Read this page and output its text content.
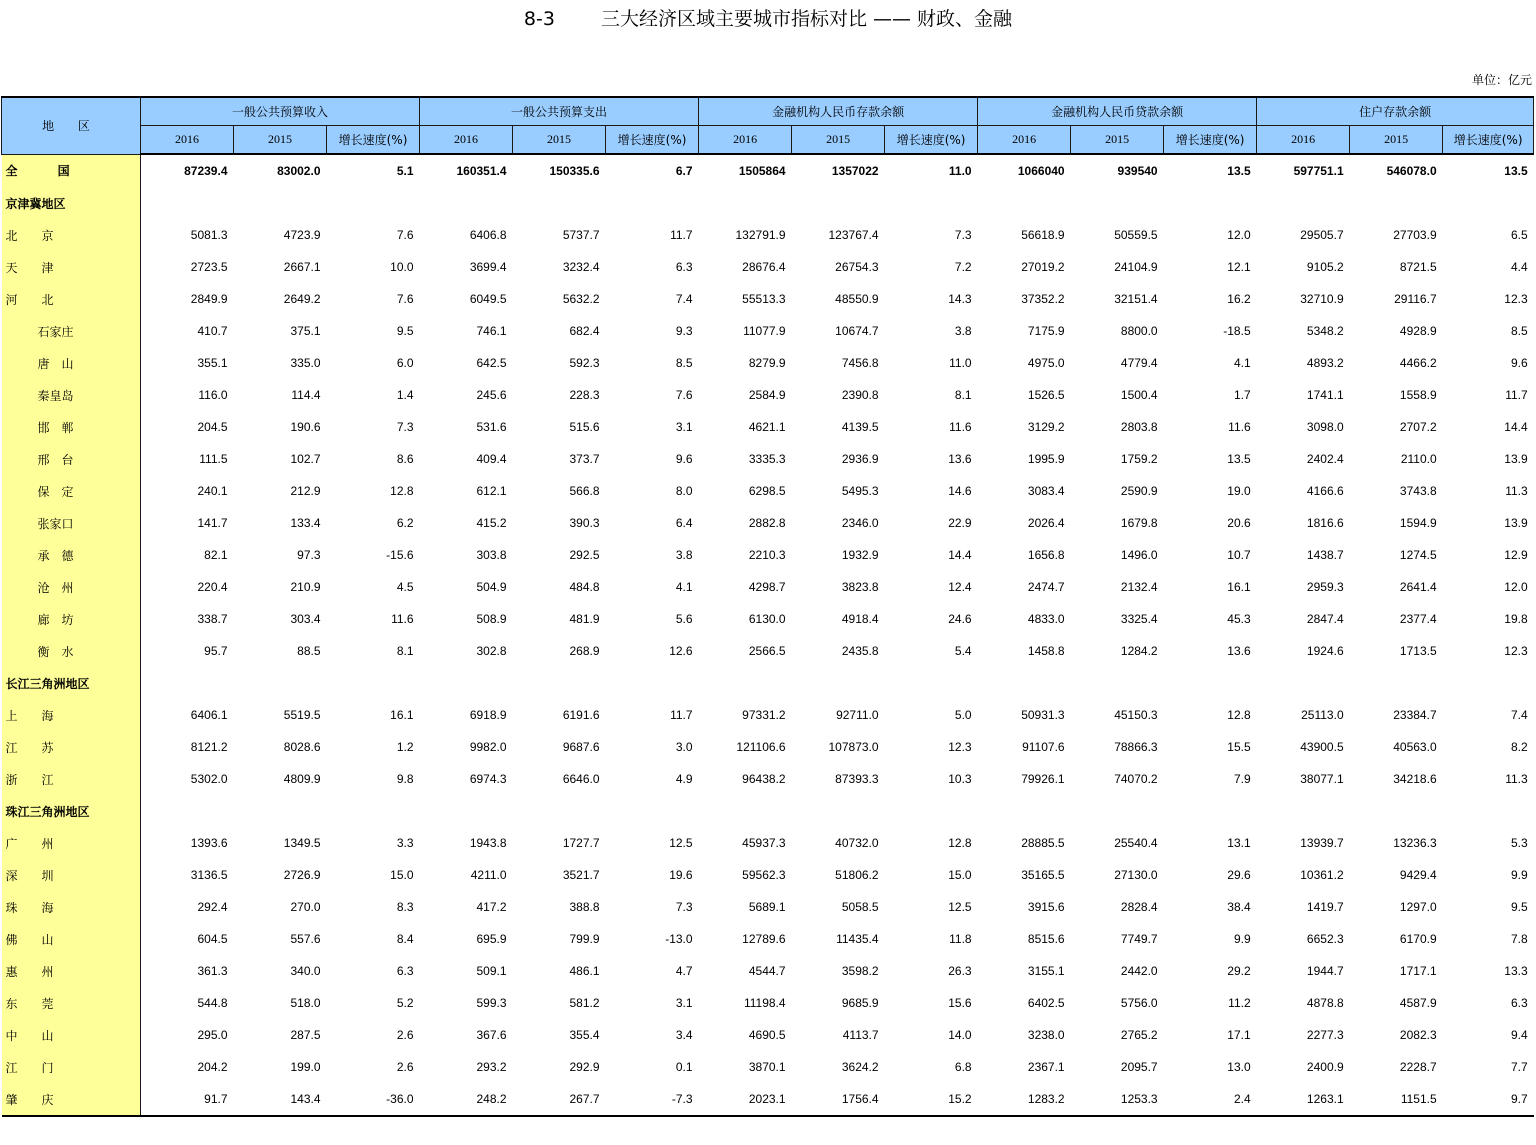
8-3 三大经济区域主要城市指标对比 —— 财政、金融
单位：亿元
地 区	一般公共预算收入			一般公共预算支出			金融机构人民币存款余额			金融机构人民币贷款余额			住户存款余额		
	2016	2015	增长速度(%)	2016	2015	增长速度(%)	2016	2015	增长速度(%)	2016	2015	增长速度(%)	2016	2015	增长速度(%)
全 国	87239.4	83002.0	5.1	160351.4	150335.6	6.7	1505864	1357022	11.0	1066040	939540	13.5	597751.1	546078.0	13.5
京津冀地区															
北　　京	5081.3	4723.9	7.6	6406.8	5737.7	11.7	132791.9	123767.4	7.3	56618.9	50559.5	12.0	29505.7	27703.9	6.5
天　　津	2723.5	2667.1	10.0	3699.4	3232.4	6.3	28676.4	26754.3	7.2	27019.2	24104.9	12.1	9105.2	8721.5	4.4
河　　北	2849.9	2649.2	7.6	6049.5	5632.2	7.4	55513.3	48550.9	14.3	37352.2	32151.4	16.2	32710.9	29116.7	12.3
石家庄	410.7	375.1	9.5	746.1	682.4	9.3	11077.9	10674.7	3.8	7175.9	8800.0	-18.5	5348.2	4928.9	8.5
唐　山	355.1	335.0	6.0	642.5	592.3	8.5	8279.9	7456.8	11.0	4975.0	4779.4	4.1	4893.2	4466.2	9.6
秦皇岛	116.0	114.4	1.4	245.6	228.3	7.6	2584.9	2390.8	8.1	1526.5	1500.4	1.7	1741.1	1558.9	11.7
邯　郸	204.5	190.6	7.3	531.6	515.6	3.1	4621.1	4139.5	11.6	3129.2	2803.8	11.6	3098.0	2707.2	14.4
邢　台	111.5	102.7	8.6	409.4	373.7	9.6	3335.3	2936.9	13.6	1995.9	1759.2	13.5	2402.4	2110.0	13.9
保　定	240.1	212.9	12.8	612.1	566.8	8.0	6298.5	5495.3	14.6	3083.4	2590.9	19.0	4166.6	3743.8	11.3
张家口	141.7	133.4	6.2	415.2	390.3	6.4	2882.8	2346.0	22.9	2026.4	1679.8	20.6	1816.6	1594.9	13.9
承　德	82.1	97.3	-15.6	303.8	292.5	3.8	2210.3	1932.9	14.4	1656.8	1496.0	10.7	1438.7	1274.5	12.9
沧　州	220.4	210.9	4.5	504.9	484.8	4.1	4298.7	3823.8	12.4	2474.7	2132.4	16.1	2959.3	2641.4	12.0
廊　坊	338.7	303.4	11.6	508.9	481.9	5.6	6130.0	4918.4	24.6	4833.0	3325.4	45.3	2847.4	2377.4	19.8
衡　水	95.7	88.5	8.1	302.8	268.9	12.6	2566.5	2435.8	5.4	1458.8	1284.2	13.6	1924.6	1713.5	12.3
长江三角洲地区															
上　　海	6406.1	5519.5	16.1	6918.9	6191.6	11.7	97331.2	92711.0	5.0	50931.3	45150.3	12.8	25113.0	23384.7	7.4
江　　苏	8121.2	8028.6	1.2	9982.0	9687.6	3.0	121106.6	107873.0	12.3	91107.6	78866.3	15.5	43900.5	40563.0	8.2
浙　　江	5302.0	4809.9	9.8	6974.3	6646.0	4.9	96438.2	87393.3	10.3	79926.1	74070.2	7.9	38077.1	34218.6	11.3
珠江三角洲地区															
广　　州	1393.6	1349.5	3.3	1943.8	1727.7	12.5	45937.3	40732.0	12.8	28885.5	25540.4	13.1	13939.7	13236.3	5.3
深　　圳	3136.5	2726.9	15.0	4211.0	3521.7	19.6	59562.3	51806.2	15.0	35165.5	27130.0	29.6	10361.2	9429.4	9.9
珠　　海	292.4	270.0	8.3	417.2	388.8	7.3	5689.1	5058.5	12.5	3915.6	2828.4	38.4	1419.7	1297.0	9.5
佛　　山	604.5	557.6	8.4	695.9	799.9	-13.0	12789.6	11435.4	11.8	8515.6	7749.7	9.9	6652.3	6170.9	7.8
惠　　州	361.3	340.0	6.3	509.1	486.1	4.7	4544.7	3598.2	26.3	3155.1	2442.0	29.2	1944.7	1717.1	13.3
东　　莞	544.8	518.0	5.2	599.3	581.2	3.1	11198.4	9685.9	15.6	6402.5	5756.0	11.2	4878.8	4587.9	6.3
中　　山	295.0	287.5	2.6	367.6	355.4	3.4	4690.5	4113.7	14.0	3238.0	2765.2	17.1	2277.3	2082.3	9.4
江　　门	204.2	199.0	2.6	293.2	292.9	0.1	3870.1	3624.2	6.8	2367.1	2095.7	13.0	2400.9	2228.7	7.7
肇　　庆	91.7	143.4	-36.0	248.2	267.7	-7.3	2023.1	1756.4	15.2	1283.2	1253.3	2.4	1263.1	1151.5	9.7
